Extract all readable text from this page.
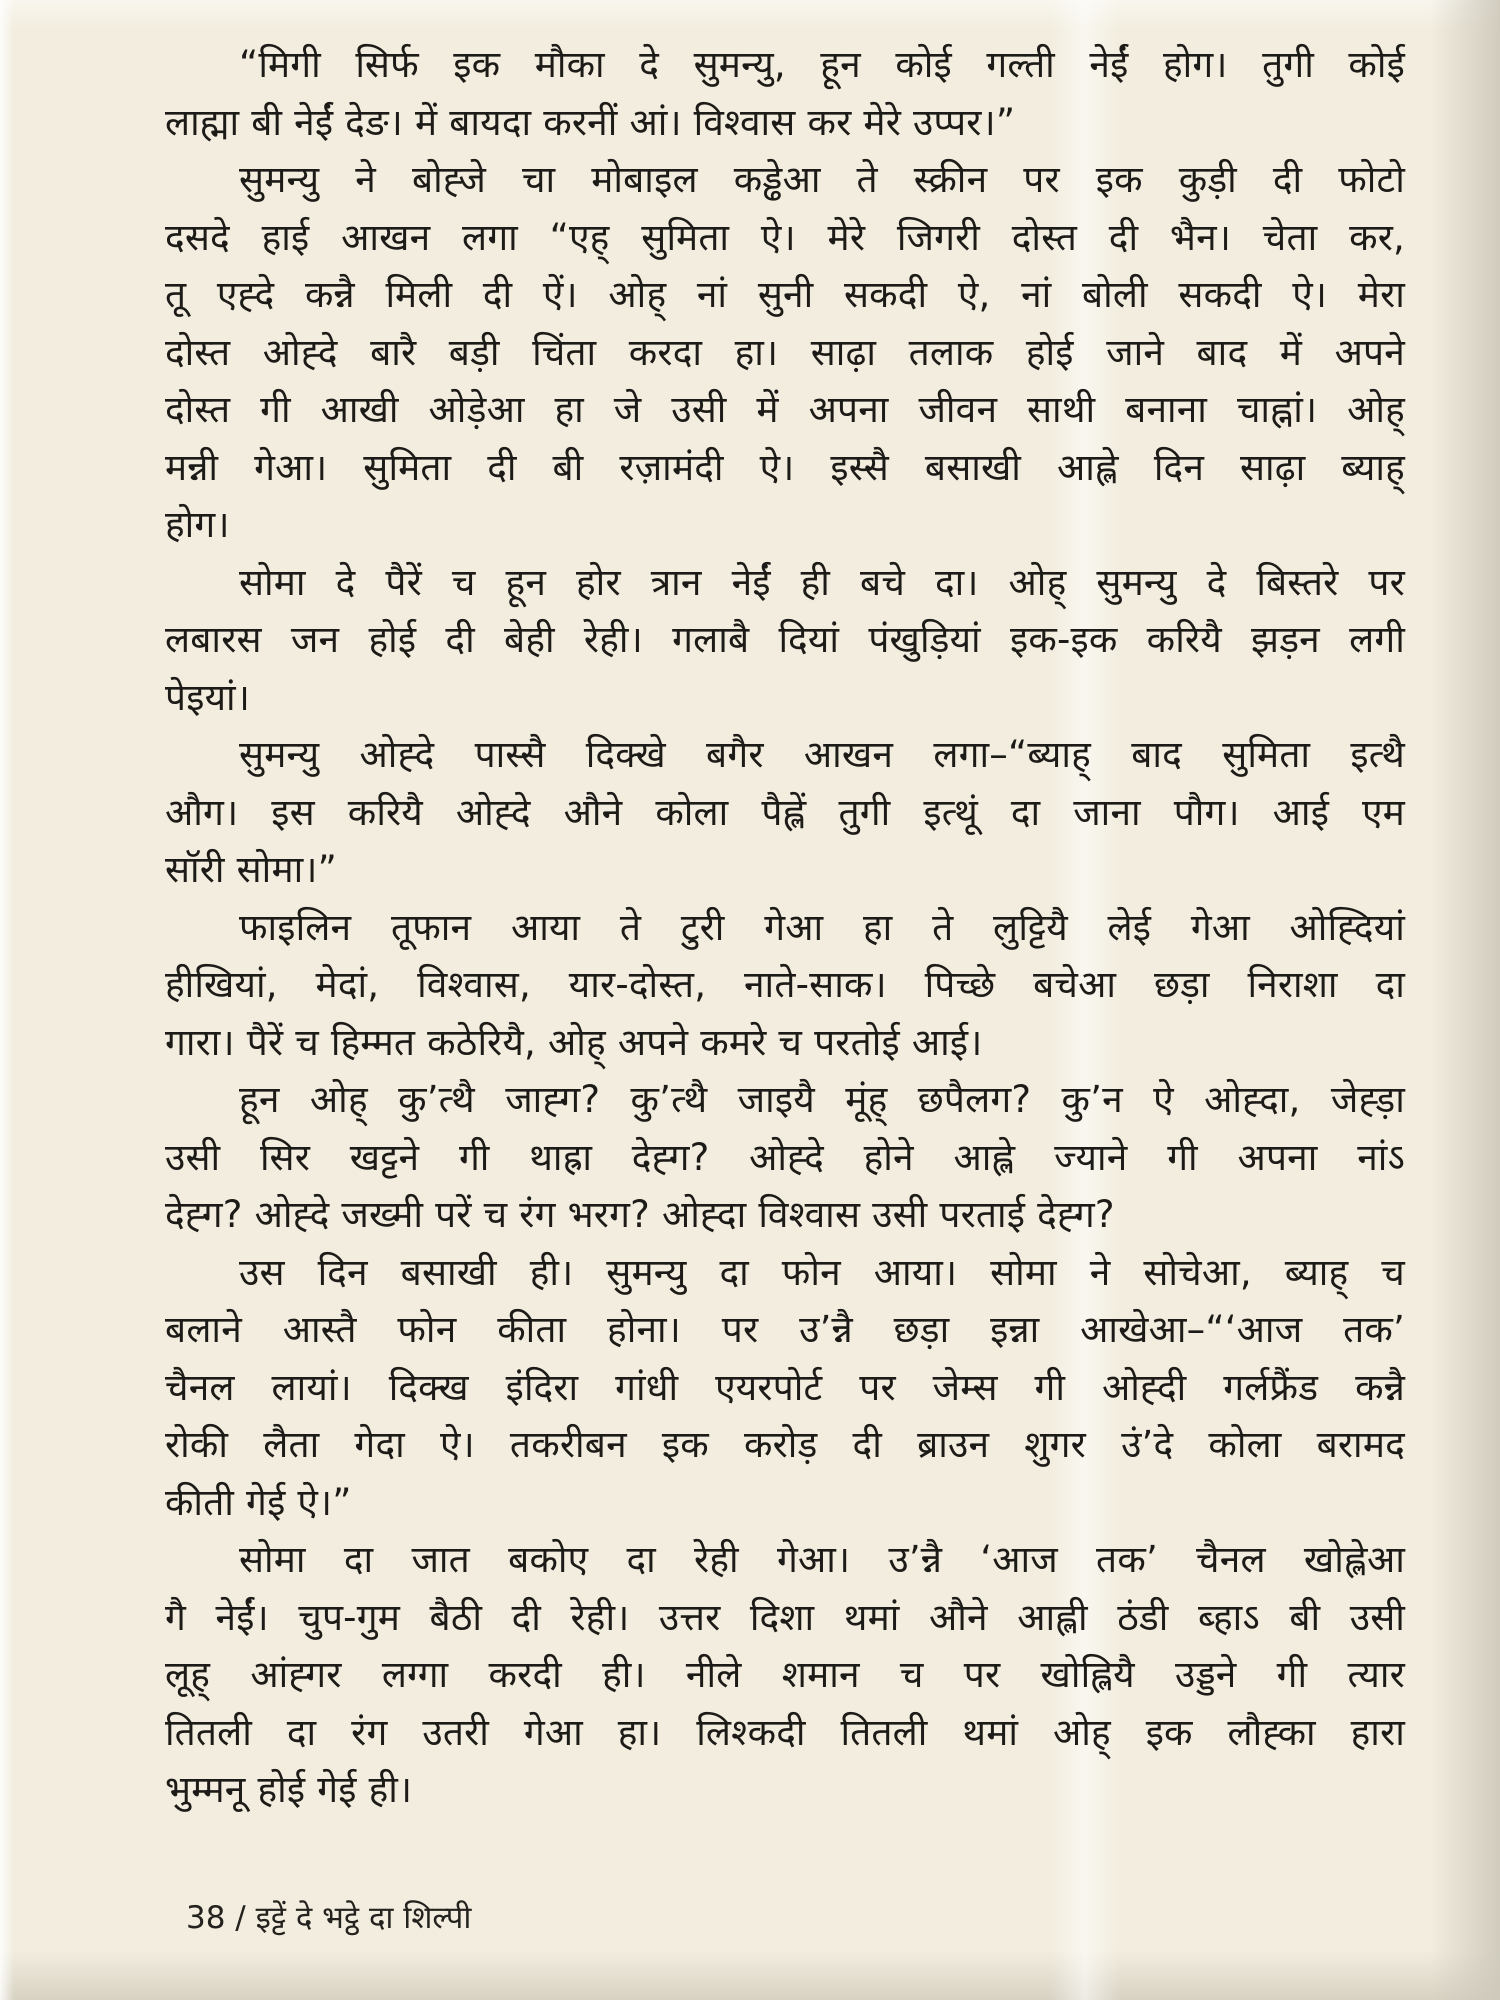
“मिगी सिर्फ इक मौका दे सुमन्यु, हून कोई गल्ती नेईं होग। तुगी कोई
लाह्मा बी नेईं देङ। में बायदा करनीं आं। विश्वास कर मेरे उप्पर।”
सुमन्यु ने बोह्जे चा मोबाइल कड्ढेआ ते स्क्रीन पर इक कुड़ी दी फोटो
दसदे हाई आखन लगा “एह् सुमिता ऐ। मेरे जिगरी दोस्त दी भैन। चेता कर,
तू एह्दे कन्नै मिली दी ऐं। ओह् नां सुनी सकदी ऐ, नां बोली सकदी ऐ। मेरा
दोस्त ओह्दे बारै बड़ी चिंता करदा हा। साढ़ा तलाक होई जाने बाद में अपने
दोस्त गी आखी ओड़ेआ हा जे उसी में अपना जीवन साथी बनाना चाह्नां। ओह्
मन्नी गेआ। सुमिता दी बी रज़ामंदी ऐ। इस्सै बसाखी आह्ले दिन साढ़ा ब्याह्
होग।
सोमा दे पैरें च हून होर त्रान नेईं ही बचे दा। ओह् सुमन्यु दे बिस्तरे पर
लबारस जन होई दी बेही रेही। गलाबै दियां पंखुड़ियां इक-इक करियै झड़न लगी
पेइयां।
सुमन्यु ओह्दे पास्सै दिक्खे बगैर आखन लगा–“ब्याह् बाद सुमिता इत्थै
औग। इस करियै ओह्दे औने कोला पैह्लें तुगी इत्थूं दा जाना पौग। आई एम
सॉरी सोमा।”
फाइलिन तूफान आया ते टुरी गेआ हा ते लुट्टियै लेई गेआ ओह्दियां
हीखियां, मेदां, विश्वास, यार-दोस्त, नाते-साक। पिच्छे बचेआ छड़ा निराशा दा
गारा। पैरें च हिम्मत कठेरियै, ओह् अपने कमरे च परतोई आई।
हून ओह् कु’त्थै जाह्ग? कु’त्थै जाइयै मूंह् छपैलग? कु’न ऐ ओह्दा, जेह्ड़ा
उसी सिर खट्टने गी थाह्रा देह्ग? ओह्दे होने आह्ले ज्याने गी अपना नांऽ
देह्ग? ओह्दे जख्मी परें च रंग भरग? ओह्दा विश्वास उसी परताई देह्ग?
उस दिन बसाखी ही। सुमन्यु दा फोन आया। सोमा ने सोचेआ, ब्याह् च
बलाने आस्तै फोन कीता होना। पर उ’न्नै छड़ा इन्ना आखेआ–“‘आज तक’
चैनल लायां। दिक्ख इंदिरा गांधी एयरपोर्ट पर जेम्स गी ओह्दी गर्लफ्रैंड कन्नै
रोकी लैता गेदा ऐ। तकरीबन इक करोड़ दी ब्राउन शुगर उं’दे कोला बरामद
कीती गेई ऐ।”
सोमा दा जात बकोए दा रेही गेआ। उ’न्नै ‘आज तक’ चैनल खोह्लेआ
गै नेईं। चुप-गुम बैठी दी रेही। उत्तर दिशा थमां औने आह्ली ठंडी ब्हाऽ बी उसी
लूह् आंह्गर लग्गा करदी ही। नीले शमान च पर खोह्लियै उड्डने गी त्यार
तितली दा रंग उतरी गेआ हा। लिश्कदी तितली थमां ओह् इक लौह्का हारा
भुम्मनू होई गेई ही।
38 / इट्टें दे भट्ठे दा शिल्पी
